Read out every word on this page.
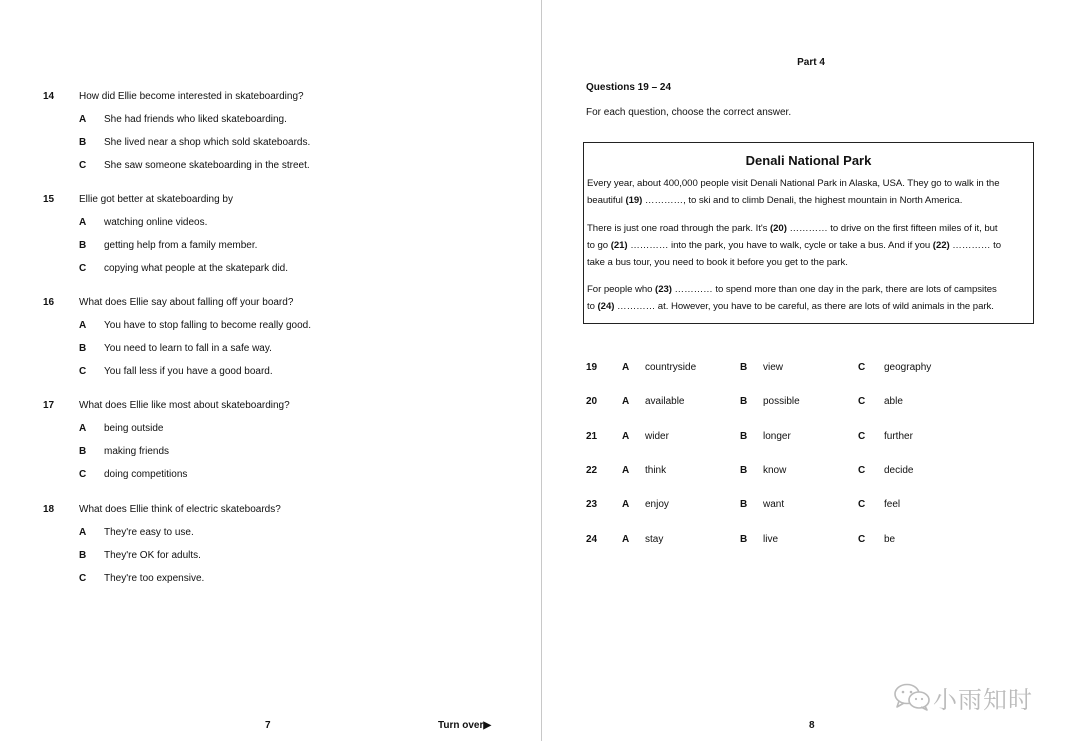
14 How did Ellie become interested in skateboarding?
A She had friends who liked skateboarding.
B She lived near a shop which sold skateboards.
C She saw someone skateboarding in the street.
15 Ellie got better at skateboarding by
A watching online videos.
B getting help from a family member.
C copying what people at the skatepark did.
16 What does Ellie say about falling off your board?
A You have to stop falling to become really good.
B You need to learn to fall in a safe way.
C You fall less if you have a good board.
17 What does Ellie like most about skateboarding?
A being outside
B making friends
C doing competitions
18 What does Ellie think of electric skateboards?
A They're easy to use.
B They're OK for adults.
C They're too expensive.
7	Turn over▶
Part 4
Questions 19 – 24
For each question, choose the correct answer.
Denali National Park
Every year, about 400,000 people visit Denali National Park in Alaska, USA. They go to walk in the
beautiful (19) …………, to ski and to climb Denali, the highest mountain in North America.
There is just one road through the park. It's (20) ………… to drive on the first fifteen miles of it, but
to go (21) ………… into the park, you have to walk, cycle or take a bus. And if you (22) ………… to
take a bus tour, you need to book it before you get to the park.
For people who (23) ………… to spend more than one day in the park, there are lots of campsites
to (24) ………… at. However, you have to be careful, as there are lots of wild animals in the park.
19 A countryside	B view	C geography
20 A available	B possible	C able
21 A wider	B longer	C further
22 A think	B know	C decide
23 A enjoy	B want	C feel
24 A stay	B live	C be
8
小雨知时
